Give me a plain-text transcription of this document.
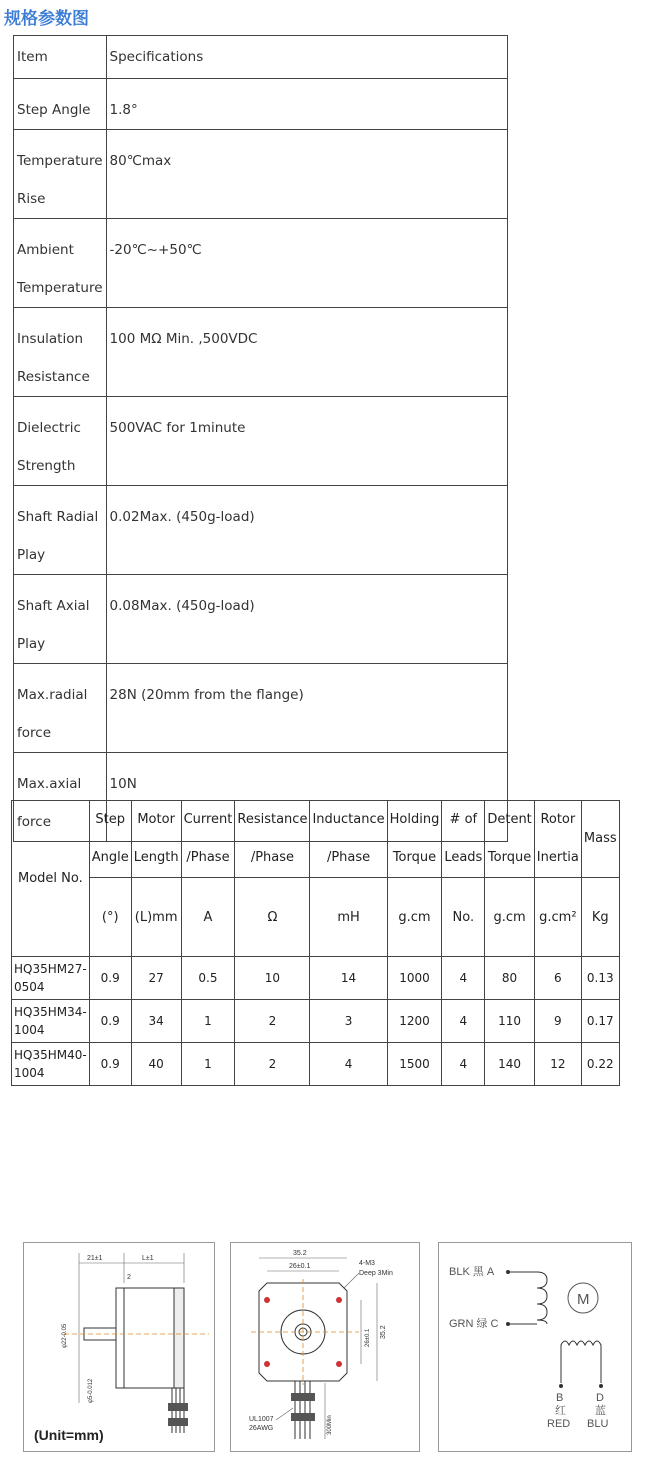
规格参数图
Item	Specifications
Step Angle	1.8°
Temperature Rise	80℃max
Ambient Temperature	-20℃~+50℃
Insulation Resistance	100 MΩ Min. ,500VDC
Dielectric Strength	500VAC for 1minute
Shaft Radial Play	0.02Max. (450g-load)
Shaft Axial Play	0.08Max. (450g-load)
Max.radial force	28N (20mm from the flange)
Max.axial force	10N
Model No.	Step Angle	Motor Length	Current /Phase	Resistance /Phase	Inductance /Phase	Holding Torque	# of Leads	Detent Torque	Rotor Inertia	Mass
	(°)	(L)mm	A	Ω	mH	g.cm	No.	g.cm	g.cm²	Kg
HQ35HM27-0504	0.9	27	0.5	10	14	1000	4	80	6	0.13
HQ35HM34-1004	0.9	34	1	2	3	1200	4	110	9	0.17
HQ35HM40-1004	0.9	40	1	2	4	1500	4	140	12	0.22
21±1	L±1
2
φ22-0.05
φ5-0.012
(Unit=mm)
35.2
26±0.1	4-M3
Deep 3Min
26±0.1 35.2
300Min
UL1007
26AWG
BLK 黑 A
GRN 绿 C
M
B
红
RED
D
蓝
BLU
